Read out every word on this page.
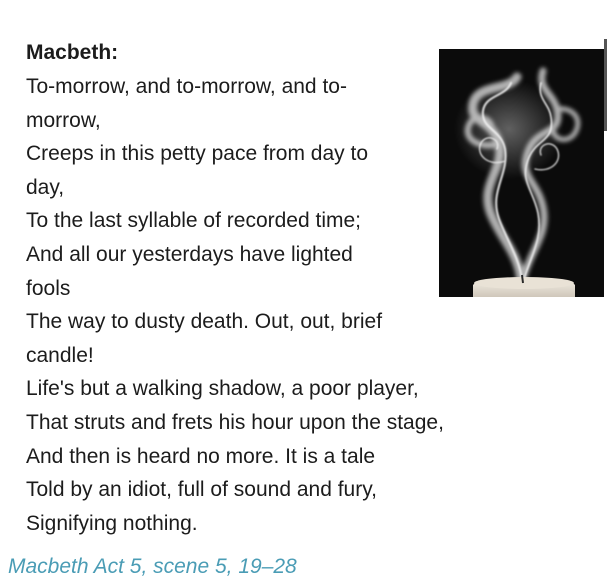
Macbeth:
To-morrow, and to-morrow, and to-
morrow,
Creeps in this petty pace from day to
day,
To the last syllable of recorded time;
And all our yesterdays have lighted
fools
The way to dusty death. Out, out, brief
candle!
Life's but a walking shadow, a poor player,
That struts and frets his hour upon the stage,
And then is heard no more. It is a tale
Told by an idiot, full of sound and fury,
Signifying nothing.
Macbeth Act 5, scene 5, 19–28
